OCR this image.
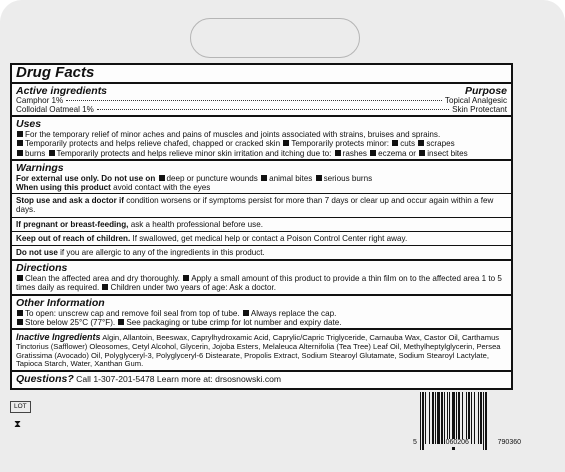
Drug Facts
Active ingredients	Purpose
Camphor 1%	Topical Analgesic
Colloidal Oatmeal 1%	Skin Protectant
Uses
For the temporary relief of minor aches and pains of muscles and joints associated with strains, bruises and sprains.
Temporarily protects and helps relieve chafed, chapped or cracked skin Temporarily protects minor: cuts scrapes
burns Temporarily protects and helps relieve minor skin irritation and itching due to: rashes eczema or insect bites
Warnings
For external use only. Do not use on deep or puncture wounds animal bites serious burns
When using this product avoid contact with the eyes
Stop use and ask a doctor if condition worsens or if symptoms persist for more than 7 days or clear up and occur again within a few days.
If pregnant or breast-feeding, ask a health professional before use.
Keep out of reach of children. If swallowed, get medical help or contact a Poison Control Center right away.
Do not use if you are allergic to any of the ingredients in this product.
Directions
Clean the affected area and dry thoroughly. Apply a small amount of this product to provide a thin film on to the affected area 1 to 5 times daily as required. Children under two years of age: Ask a doctor.
Other Information
To open: unscrew cap and remove foil seal from top of tube. Always replace the cap.
Store below 25°C (77°F). See packaging or tube crimp for lot number and expiry date.
Inactive Ingredients Algin, Allantoin, Beeswax, Caprylhydroxamic Acid, Caprylic/Capric Triglyceride, Carnauba Wax, Castor Oil, Carthamus Tinctorius (Safflower) Oleosomes, Cetyl Alcohol, Glycerin, Jojoba Esters, Melaleuca Alternifolia (Tea Tree) Leaf Oil, Methylheptylglycerin, Persea Gratissima (Avocado) Oil, Polyglyceryl-3, Polyglyceryl-6 Distearate, Propolis Extract, Sodium Stearoyl Glutamate, Sodium Stearoyl Lactylate, Tapioca Starch, Water, Xanthan Gum.
Questions? Call 1-307-201-5478 Learn more at: drsosnowski.com
LOT
⧗
5	060206	790360
